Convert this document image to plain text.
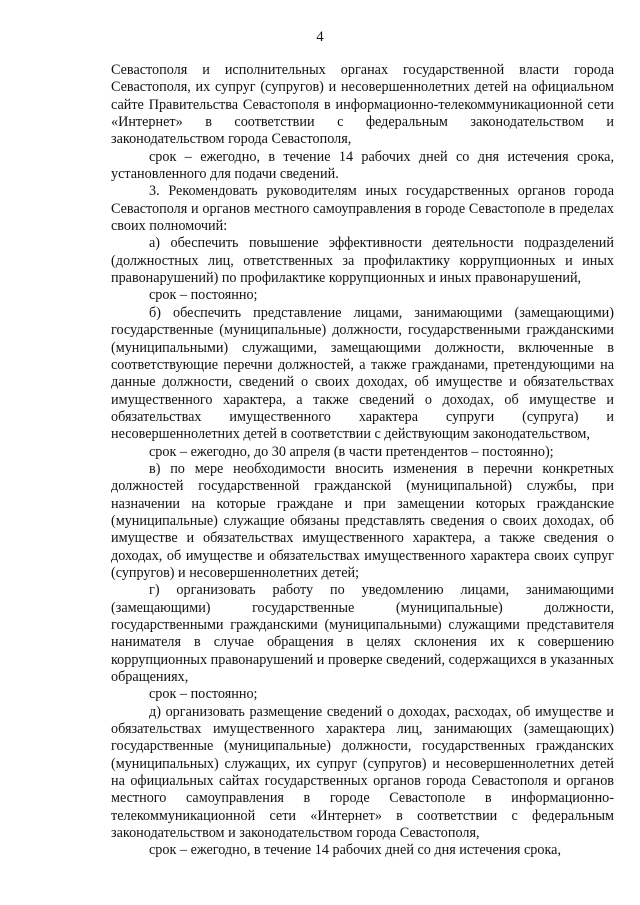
4

Севастополя и исполнительных органах государственной власти города Севастополя, их супруг (супругов) и несовершеннолетних детей на официальном сайте Правительства Севастополя в информационно-телекоммуникационной сети «Интернет» в соответствии с федеральным законодательством и законодательством города Севастополя,

срок – ежегодно, в течение 14 рабочих дней со дня истечения срока, установленного для подачи сведений.

3. Рекомендовать руководителям иных государственных органов города Севастополя и органов местного самоуправления в городе Севастополе в пределах своих полномочий:

а) обеспечить повышение эффективности деятельности подразделений (должностных лиц, ответственных за профилактику коррупционных и иных правонарушений) по профилактике коррупционных и иных правонарушений,

срок – постоянно;

б) обеспечить представление лицами, занимающими (замещающими) государственные (муниципальные) должности, государственными гражданскими (муниципальными) служащими, замещающими должности, включенные в соответствующие перечни должностей, а также гражданами, претендующими на данные должности, сведений о своих доходах, об имуществе и обязательствах имущественного характера, а также сведений о доходах, об имуществе и обязательствах имущественного характера супруги (супруга) и несовершеннолетних детей в соответствии с действующим законодательством,

срок – ежегодно, до 30 апреля (в части претендентов – постоянно);

в) по мере необходимости вносить изменения в перечни конкретных должностей государственной гражданской (муниципальной) службы, при назначении на которые граждане и при замещении которых гражданские (муниципальные) служащие обязаны представлять сведения о своих доходах, об имуществе и обязательствах имущественного характера, а также сведения о доходах, об имуществе и обязательствах имущественного характера своих супруг (супругов) и несовершеннолетних детей;

г) организовать работу по уведомлению лицами, занимающими (замещающими) государственные (муниципальные) должности, государственными гражданскими (муниципальными) служащими представителя нанимателя в случае обращения в целях склонения их к совершению коррупционных правонарушений и проверке сведений, содержащихся в указанных обращениях,

срок – постоянно;

д) организовать размещение сведений о доходах, расходах, об имуществе и обязательствах имущественного характера лиц, занимающих (замещающих) государственные (муниципальные) должности, государственных гражданских (муниципальных) служащих, их супруг (супругов) и несовершеннолетних детей на официальных сайтах государственных органов города Севастополя и органов местного самоуправления в городе Севастополе в информационно-телекоммуникационной сети «Интернет» в соответствии с федеральным законодательством и законодательством города Севастополя,

срок – ежегодно, в течение 14 рабочих дней со дня истечения срока,
